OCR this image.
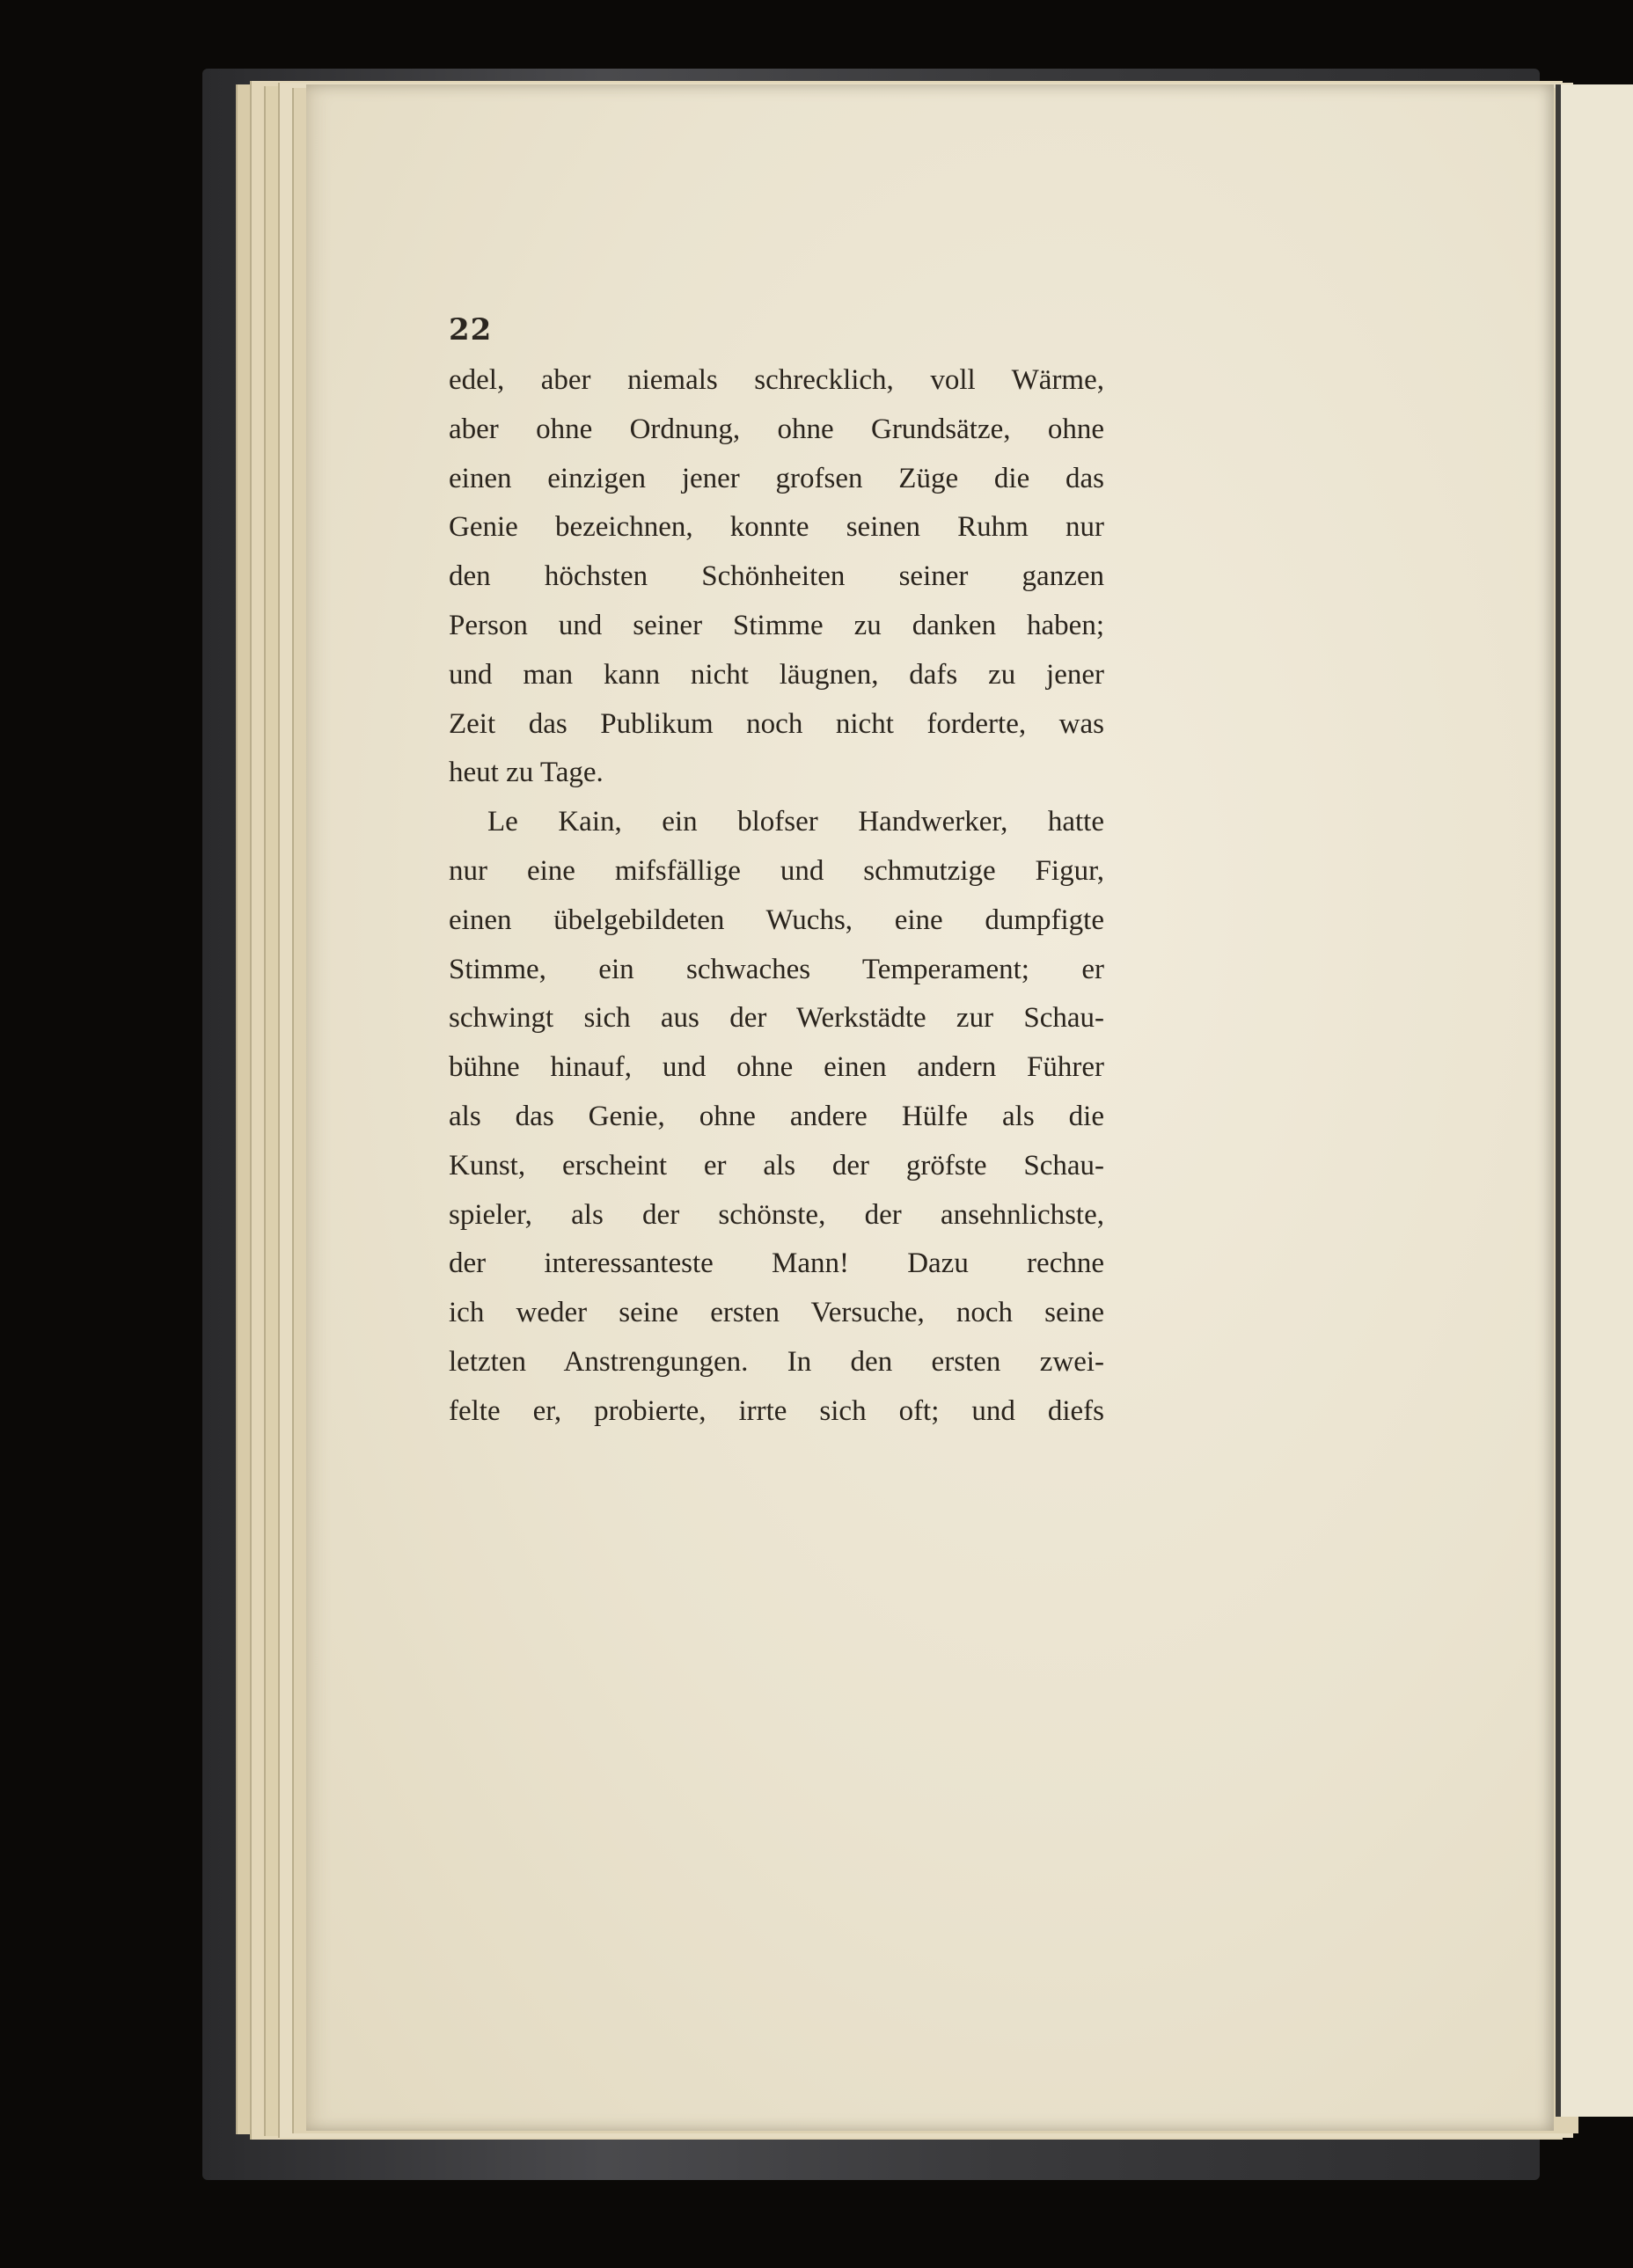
22
edel, aber niemals schrecklich, voll Wärme,
aber ohne Ordnung, ohne Grundsätze, ohne
einen einzigen jener grofsen Züge die das
Genie bezeichnen, konnte seinen Ruhm nur
den höchsten Schönheiten seiner ganzen
Person und seiner Stimme zu danken haben;
und man kann nicht läugnen, dafs zu jener
Zeit das Publikum noch nicht forderte, was
heut zu Tage.
Le Kain, ein blofser Handwerker, hatte
nur eine mifsfällige und schmutzige Figur,
einen übelgebildeten Wuchs, eine dumpfigte
Stimme, ein schwaches Temperament; er
schwingt sich aus der Werkstädte zur Schau-
bühne hinauf, und ohne einen andern Führer
als das Genie, ohne andere Hülfe als die
Kunst, erscheint er als der gröfste Schau-
spieler, als der schönste, der ansehnlichste,
der interessanteste Mann! Dazu rechne
ich weder seine ersten Versuche, noch seine
letzten Anstrengungen. In den ersten zwei-
felte er, probierte, irrte sich oft; und diefs
